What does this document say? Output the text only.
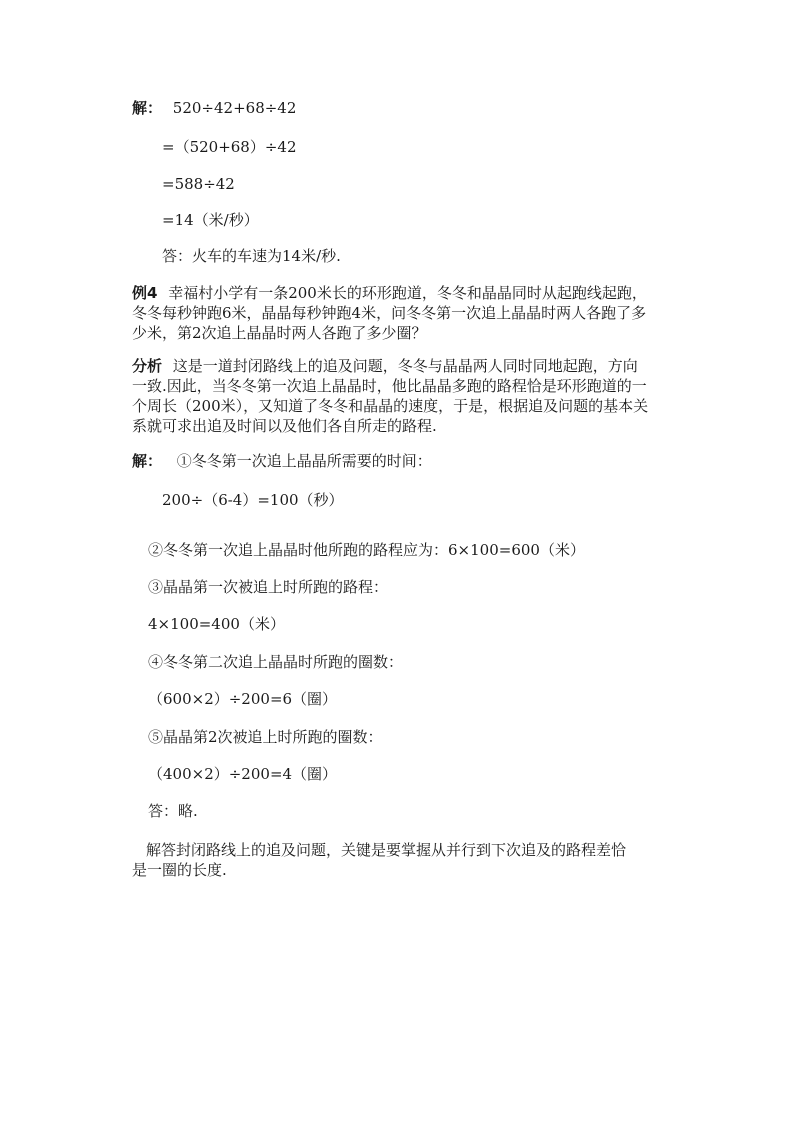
解： 520÷42+68÷42
=（520+68）÷42
=588÷42
=14（米/秒）
答：火车的车速为14米/秒.
例4 幸福村小学有一条200米长的环形跑道，冬冬和晶晶同时从起跑线起跑，
冬冬每秒钟跑6米，晶晶每秒钟跑4米，问冬冬第一次追上晶晶时两人各跑了多
少米，第2次追上晶晶时两人各跑了多少圈？
分析 这是一道封闭路线上的追及问题，冬冬与晶晶两人同时同地起跑，方向
一致.因此，当冬冬第一次追上晶晶时，他比晶晶多跑的路程恰是环形跑道的一
个周长（200米），又知道了冬冬和晶晶的速度，于是，根据追及问题的基本关
系就可求出追及时间以及他们各自所走的路程.
解： ①冬冬第一次追上晶晶所需要的时间：
200÷（6-4）=100（秒）
②冬冬第一次追上晶晶时他所跑的路程应为：6×100=600（米）
③晶晶第一次被追上时所跑的路程：
4×100=400（米）
④冬冬第二次追上晶晶时所跑的圈数：
（600×2）÷200=6（圈）
⑤晶晶第2次被追上时所跑的圈数：
（400×2）÷200=4（圈）
答：略.
解答封闭路线上的追及问题，关键是要掌握从并行到下次追及的路程差恰
是一圈的长度.
